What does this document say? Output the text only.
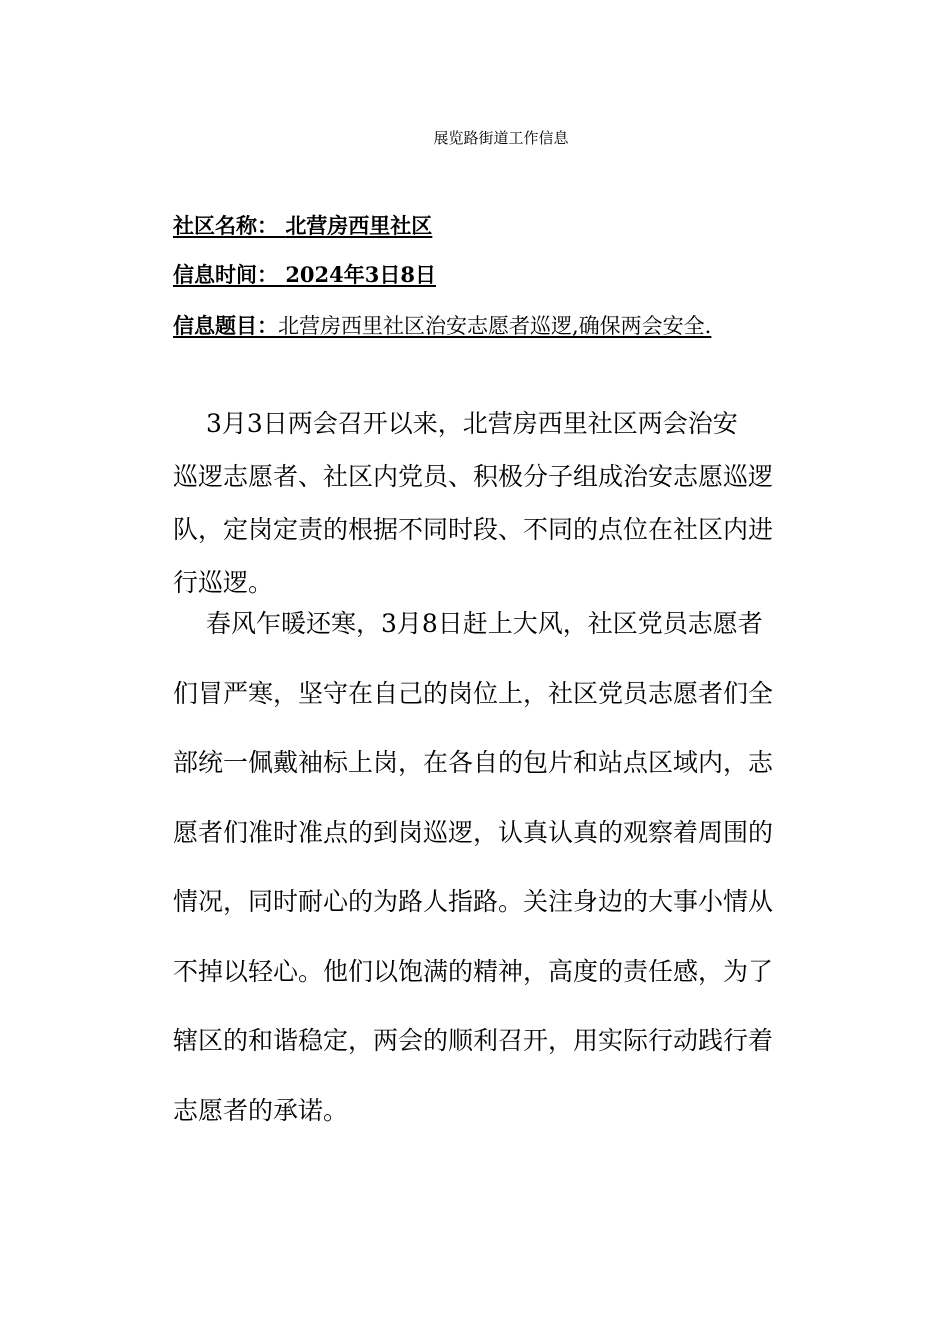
展览路街道工作信息
社区名称： 北营房西里社区
信息时间： 2024年3日8日
信息题目：北营房西里社区治安志愿者巡逻,确保两会安全.
　 3月3日两会召开以来，北营房西里社区两会治安
巡逻志愿者、社区内党员、积极分子组成治安志愿巡逻
队，定岗定责的根据不同时段、不同的点位在社区内进
行巡逻。
　 春风乍暖还寒，3月8日赶上大风，社区党员志愿者
们冒严寒，坚守在自己的岗位上，社区党员志愿者们全
部统一佩戴袖标上岗，在各自的包片和站点区域内，志
愿者们准时准点的到岗巡逻，认真认真的观察着周围的
情况，同时耐心的为路人指路。关注身边的大事小情从
不掉以轻心。他们以饱满的精神，高度的责任感，为了
辖区的和谐稳定，两会的顺利召开，用实际行动践行着
志愿者的承诺。
